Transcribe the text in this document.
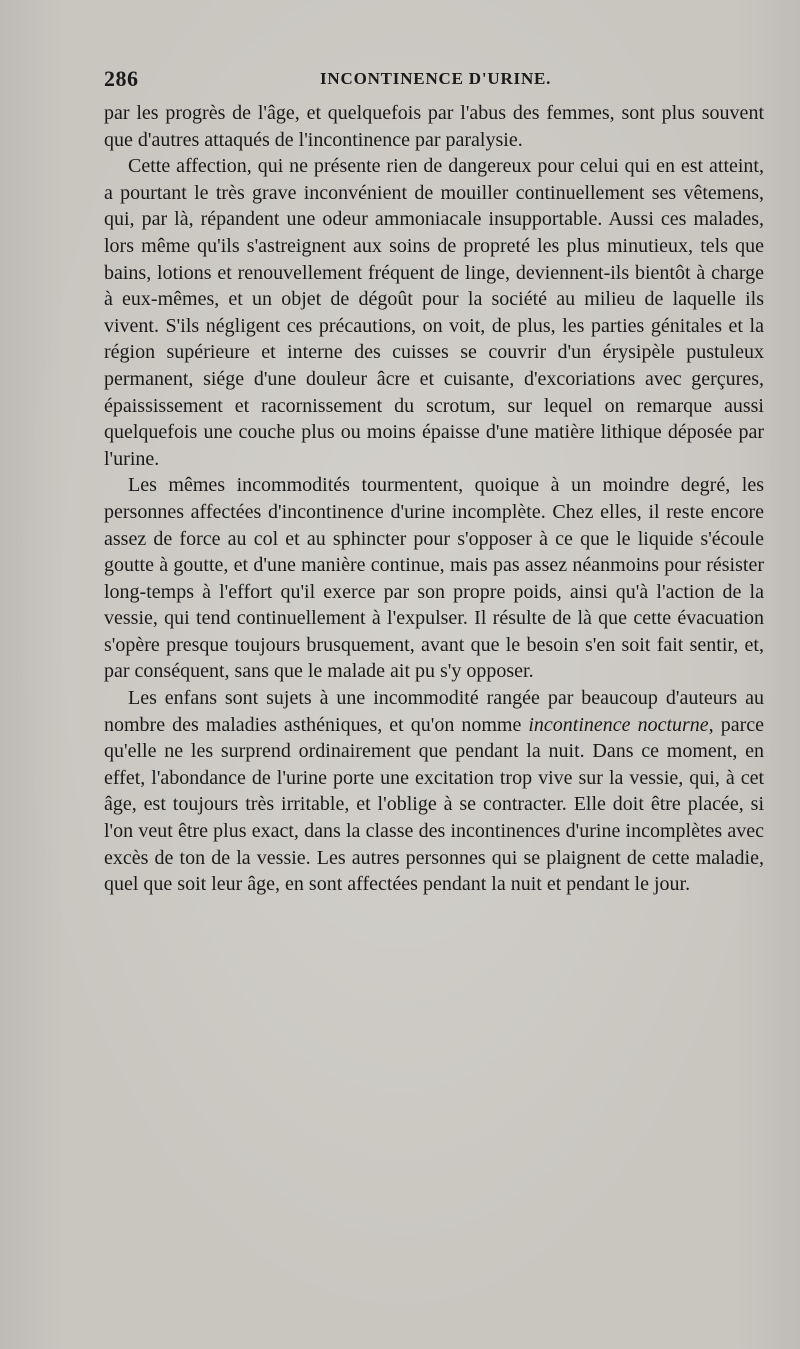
286	INCONTINENCE D'URINE.

par les progrès de l'âge, et quelquefois par l'abus des femmes, sont plus souvent que d'autres attaqués de l'incontinence par paralysie.

Cette affection, qui ne présente rien de dangereux pour celui qui en est atteint, a pourtant le très grave inconvénient de mouiller continuellement ses vêtemens, qui, par là, répandent une odeur ammoniacale insupportable. Aussi ces malades, lors même qu'ils s'astreignent aux soins de propreté les plus minutieux, tels que bains, lotions et renouvellement fréquent de linge, deviennent-ils bientôt à charge à eux-mêmes, et un objet de dégoût pour la société au milieu de laquelle ils vivent. S'ils négligent ces précautions, on voit, de plus, les parties génitales et la région supérieure et interne des cuisses se couvrir d'un érysipèle pustuleux permanent, siége d'une douleur âcre et cuisante, d'excoriations avec gerçures, épaississement et racornissement du scrotum, sur lequel on remarque aussi quelquefois une couche plus ou moins épaisse d'une matière lithique déposée par l'urine.

Les mêmes incommodités tourmentent, quoique à un moindre degré, les personnes affectées d'incontinence d'urine incomplète. Chez elles, il reste encore assez de force au col et au sphincter pour s'opposer à ce que le liquide s'écoule goutte à goutte, et d'une manière continue, mais pas assez néanmoins pour résister long-temps à l'effort qu'il exerce par son propre poids, ainsi qu'à l'action de la vessie, qui tend continuellement à l'expulser. Il résulte de là que cette évacuation s'opère presque toujours brusquement, avant que le besoin s'en soit fait sentir, et, par conséquent, sans que le malade ait pu s'y opposer.

Les enfans sont sujets à une incommodité rangée par beaucoup d'auteurs au nombre des maladies asthéniques, et qu'on nomme incontinence nocturne, parce qu'elle ne les surprend ordinairement que pendant la nuit. Dans ce moment, en effet, l'abondance de l'urine porte une excitation trop vive sur la vessie, qui, à cet âge, est toujours très irritable, et l'oblige à se contracter. Elle doit être placée, si l'on veut être plus exact, dans la classe des incontinences d'urine incomplètes avec excès de ton de la vessie. Les autres personnes qui se plaignent de cette maladie, quel que soit leur âge, en sont affectées pendant la nuit et pendant le jour.
